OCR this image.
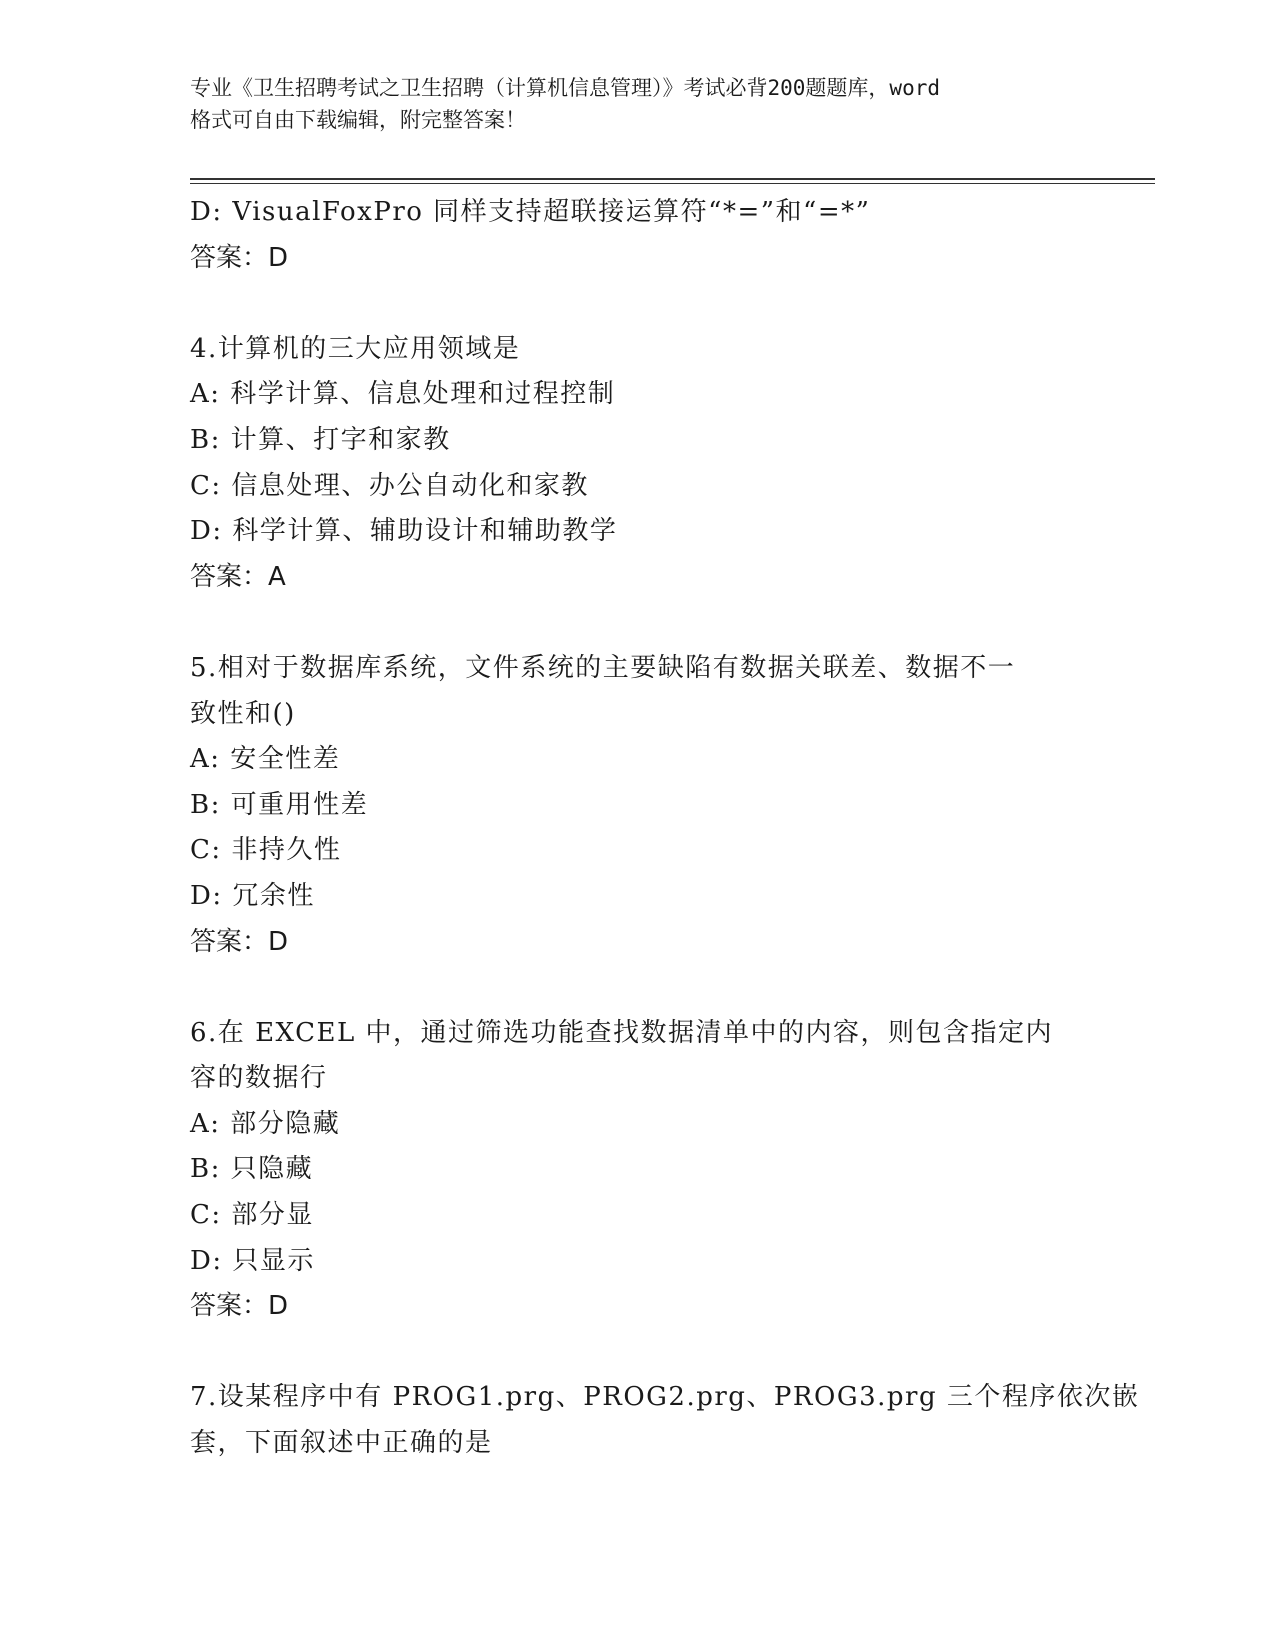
专业《卫生招聘考试之卫生招聘（计算机信息管理）》考试必背200题题库，word
格式可自由下载编辑，附完整答案！
D: VisualFoxPro 同样支持超联接运算符“*=”和“=*”
答案：D
4.计算机的三大应用领域是
A: 科学计算、信息处理和过程控制
B: 计算、打字和家教
C: 信息处理、办公自动化和家教
D: 科学计算、辅助设计和辅助教学
答案：A
5.相对于数据库系统，文件系统的主要缺陷有数据关联差、数据不一
致性和()
A: 安全性差
B: 可重用性差
C: 非持久性
D: 冗余性
答案：D
6.在 EXCEL 中，通过筛选功能查找数据清单中的内容，则包含指定内
容的数据行
A: 部分隐藏
B: 只隐藏
C: 部分显
D: 只显示
答案：D
7.设某程序中有 PROG1.prg、PROG2.prg、PROG3.prg 三个程序依次嵌
套，下面叙述中正确的是
